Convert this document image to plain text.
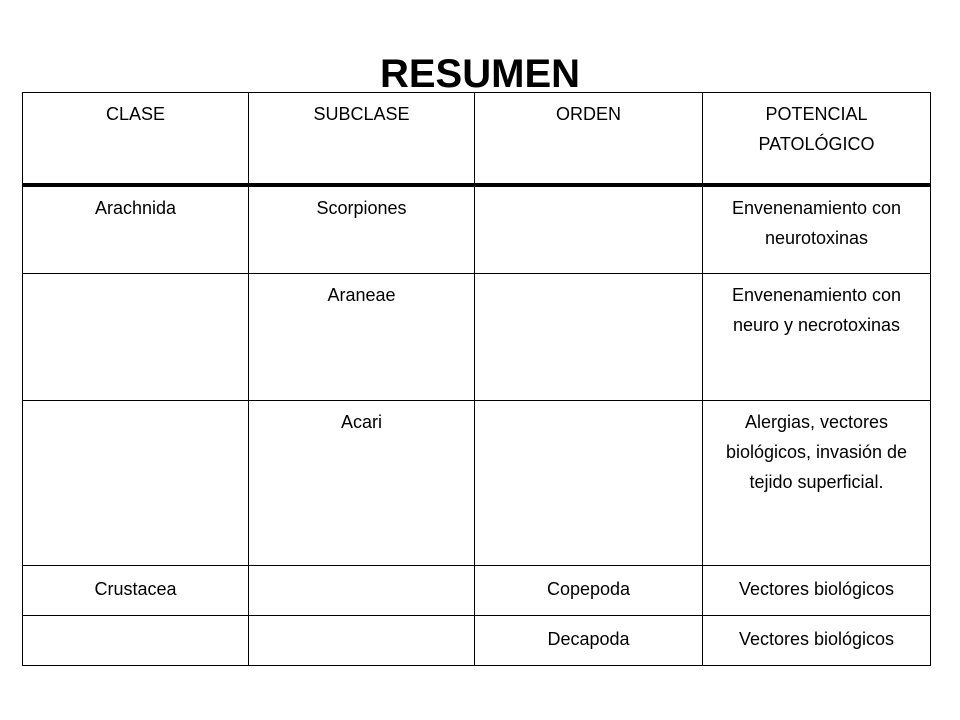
RESUMEN
CLASE	SUBCLASE	ORDEN	POTENCIAL PATOLÓGICO
Arachnida	Scorpiones		Envenenamiento con neurotoxinas
	Araneae		Envenenamiento con neuro y necrotoxinas
	Acari		Alergias, vectores biológicos, invasión de tejido superficial.
Crustacea		Copepoda	Vectores biológicos
		Decapoda	Vectores biológicos
